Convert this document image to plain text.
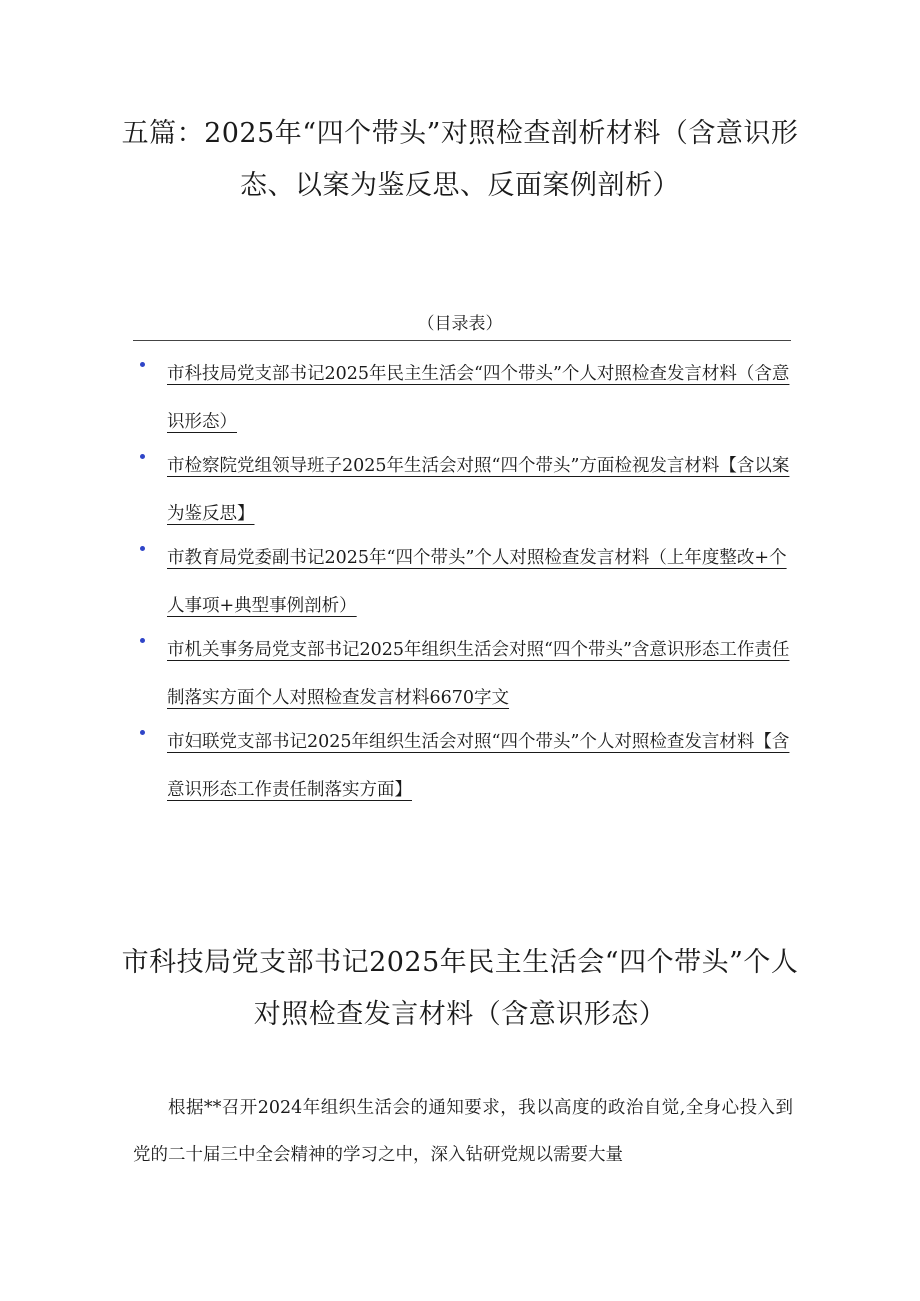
五篇：2025年“四个带头”对照检查剖析材料（含意识形态、以案为鉴反思、反面案例剖析）
（目录表）
市科技局党支部书记2025年民主生活会“四个带头”个人对照检查发言材料（含意识形态）
市检察院党组领导班子2025年生活会对照“四个带头”方面检视发言材料【含以案为鉴反思】
市教育局党委副书记2025年“四个带头”个人对照检查发言材料（上年度整改+个人事项+典型事例剖析）
市机关事务局党支部书记2025年组织生活会对照“四个带头”含意识形态工作责任制落实方面个人对照检查发言材料6670字文
市妇联党支部书记2025年组织生活会对照“四个带头”个人对照检查发言材料【含意识形态工作责任制落实方面】
市科技局党支部书记2025年民主生活会“四个带头”个人对照检查发言材料（含意识形态）

根据**召开2024年组织生活会的通知要求，我以高度的政治自觉,全身心投入到党的二十届三中全会精神的学习之中，深入钻研党规以需要大量
